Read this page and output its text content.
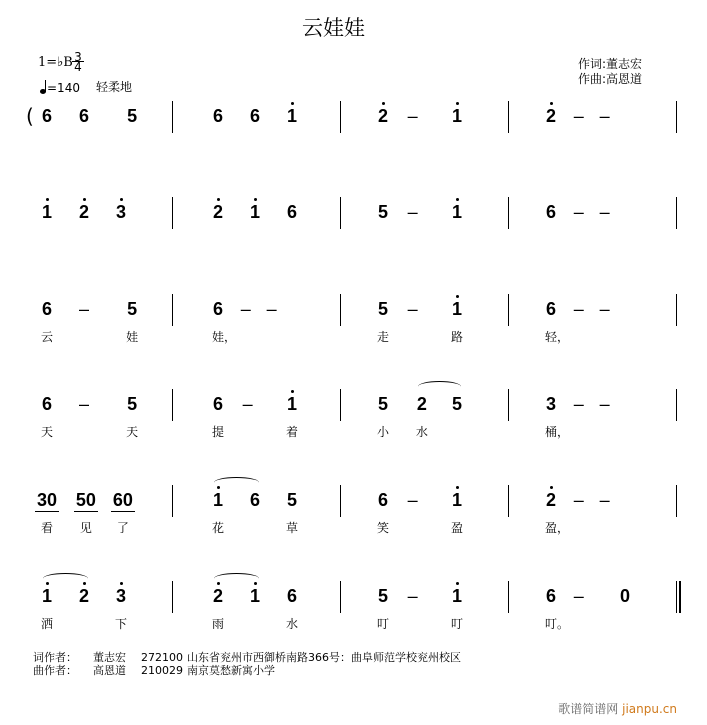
云娃娃
1=♭B 3
4
=140 轻柔地
作词:董志宏
作曲:高恩道
( 6 6 5	6 6 1	2 – 1	2 – –
1 2 3	2 1 6	5 – 1	6 – –
6
云
– 5
娃
6
娃，
– –	5
走
– 1
路
6
轻，
– –
6
天
– 5
天
6
提
– 1
着
5
小
2
水
5	3
桶，
– –
30
看
50
见
60
了
1
花
6 5
草
6
笑
– 1
盈
2
盈，
– –
1
洒
2 3
下
2
雨
1 6
水
5
叮
– 1
叮
6
叮。
– 0
词作者： 董志宏 272100 山东省兖州市西御桥南路366号：曲阜师范学校兖州校区
曲作者： 高恩道 210029 南京莫愁新寓小学
歌谱简谱网 jianpu.cn
